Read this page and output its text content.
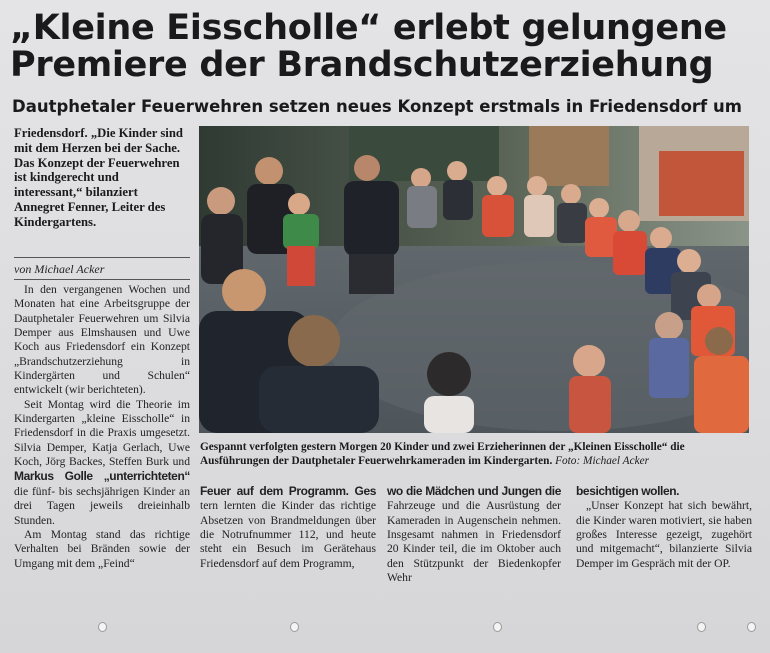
„Kleine Eisscholle“ erlebt gelungene
Premiere der Brandschutzerziehung
Dautphetaler Feuerwehren setzen neues Konzept erstmals in Friedensdorf um

Friedensdorf. „Die Kinder sind mit dem Herzen bei der Sache. Das Konzept der Feuerwehren ist kindgerecht und interessant,“ bilanziert Annegret Fenner, Leiter des Kindergartens.

von Michael Acker

In den vergangenen Wochen und Monaten hat eine Arbeitsgruppe der Dautphetaler Feuerwehren um Silvia Demper aus Elmshausen und Uwe Koch aus Friedensdorf ein Konzept „Brandschutzerziehung in Kindergärten und Schulen“ entwickelt (wir berichteten).

Seit Montag wird die Theorie im Kindergarten „kleine Eisscholle“ in Friedensdorf in die Praxis umgesetzt. Silvia Demper, Katja Gerlach, Uwe Koch, Jörg Backes, Steffen Burk und Markus Golle „unterrichteten“ die fünf- bis sechsjährigen Kinder an drei Tagen jeweils dreieinhalb Stunden.

Am Montag stand das richtige Verhalten bei Bränden sowie der Umgang mit dem „Feind“

Gespannt verfolgten gestern Morgen 20 Kinder und zwei Erzieherinnen der „Kleinen Eisscholle“ die Ausführungen der Dautphetaler Feuerwehrkameraden im Kindergarten. Foto: Michael Acker

Feuer auf dem Programm. Ges tern lernten die Kinder das richtige Absetzen von Brandmeldungen über die Notrufnummer 112, und heute steht ein Besuch im Gerätehaus Friedensdorf auf dem Programm,

wo die Mädchen und Jungen die Fahrzeuge und die Ausrüstung der Kameraden in Augenschein nehmen. Insgesamt nahmen in Friedensdorf 20 Kinder teil, die im Oktober auch den Stützpunkt der Biedenkopfer Wehr

besichtigen wollen.

„Unser Konzept hat sich bewährt, die Kinder waren motiviert, sie haben großes Interesse gezeigt, zugehört und mitgemacht“, bilanzierte Silvia Demper im Gespräch mit der OP.
